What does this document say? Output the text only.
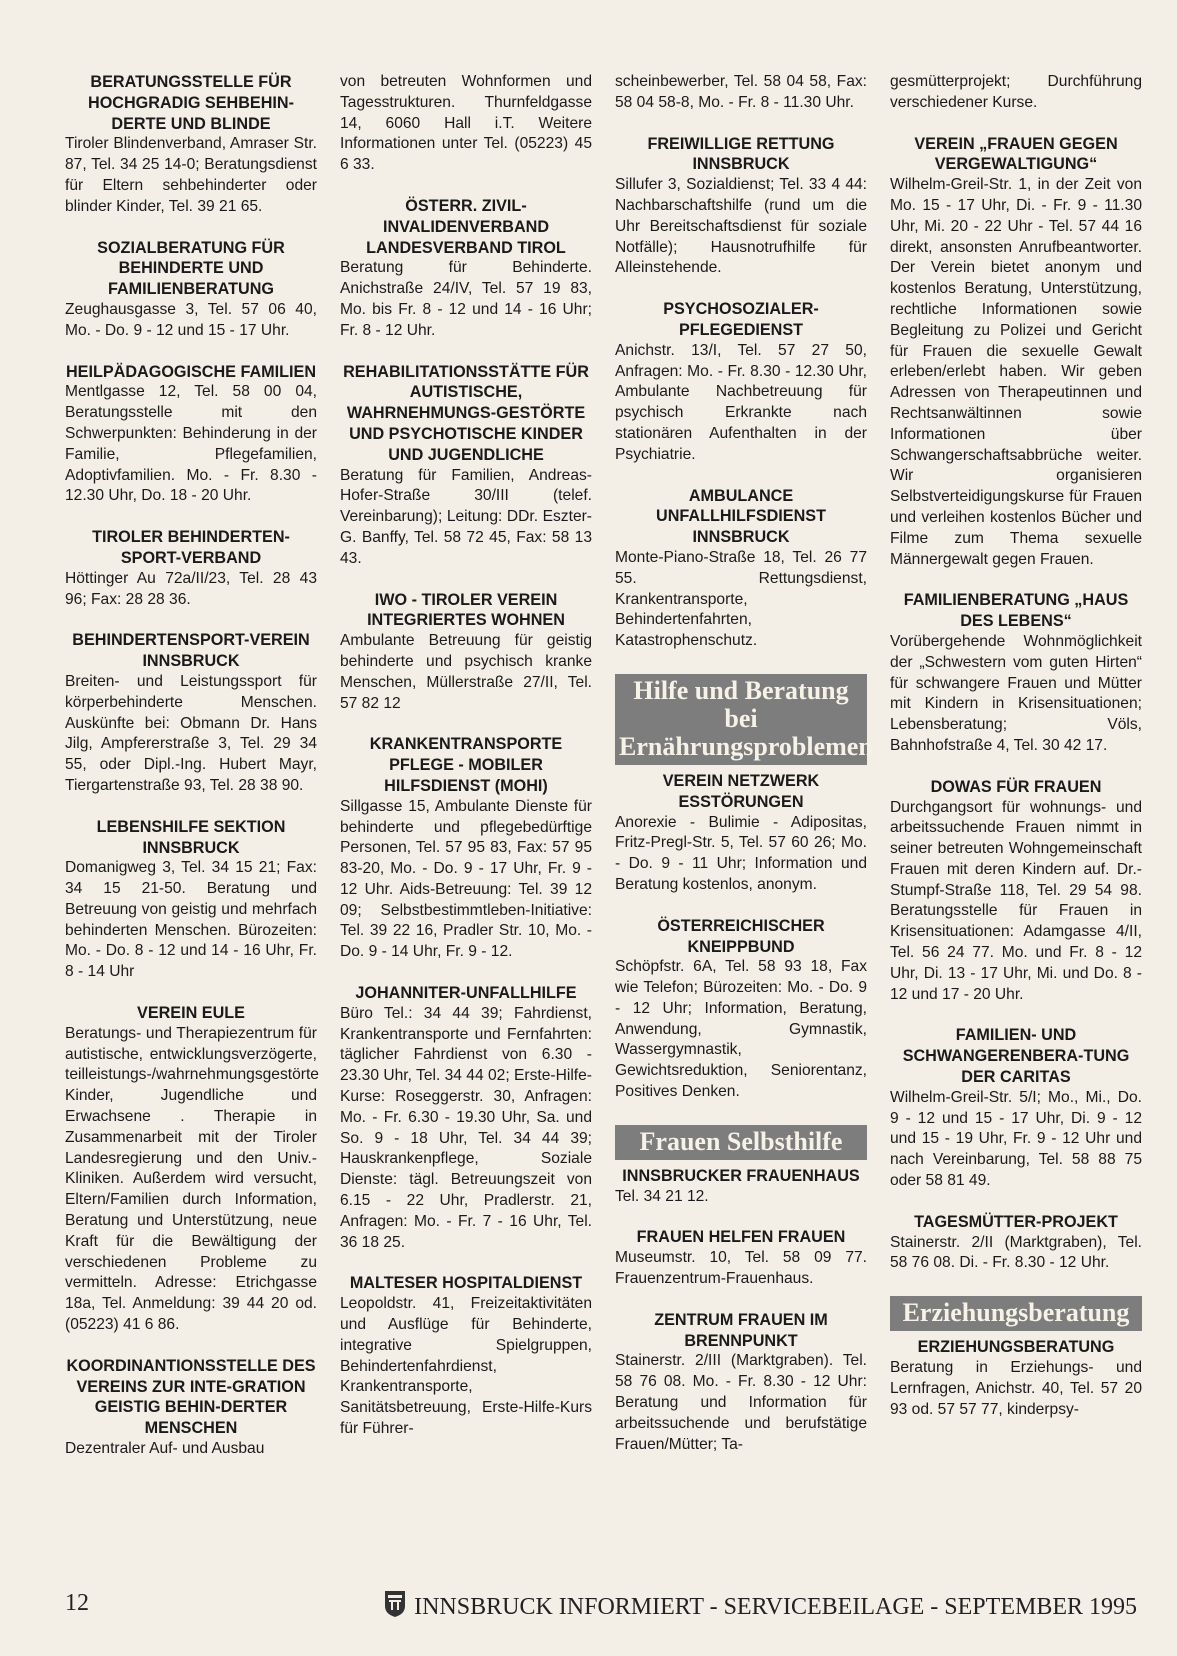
BERATUNGSSTELLE FÜR HOCHGRADIG SEHBEHIN-DERTE UND BLINDE

Tiroler Blindenverband, Amraser Str. 87, Tel. 34 25 14-0; Beratungsdienst für Eltern sehbehinderter oder blinder Kinder, Tel. 39 21 65.

SOZIALBERATUNG FÜR BEHINDERTE UND FAMILIENBERATUNG

Zeughausgasse 3, Tel. 57 06 40, Mo. - Do. 9 - 12 und 15 - 17 Uhr.

HEILPÄDAGOGISCHE FAMILIEN

Mentlgasse 12, Tel. 58 00 04, Beratungsstelle mit den Schwerpunkten: Behinderung in der Familie, Pflegefamilien, Adoptivfamilien. Mo. - Fr. 8.30 - 12.30 Uhr, Do. 18 - 20 Uhr.

TIROLER BEHINDERTEN-SPORT-VERBAND

Höttinger Au 72a/II/23, Tel. 28 43 96; Fax: 28 28 36.

BEHINDERTENSPORT-VEREIN INNSBRUCK

Breiten- und Leistungssport für körperbehinderte Menschen. Auskünfte bei: Obmann Dr. Hans Jilg, Ampfererstraße 3, Tel. 29 34 55, oder Dipl.-Ing. Hubert Mayr, Tiergartenstraße 93, Tel. 28 38 90.

LEBENSHILFE SEKTION INNSBRUCK

Domanigweg 3, Tel. 34 15 21; Fax: 34 15 21-50. Beratung und Betreuung von geistig und mehrfach behinderten Menschen. Bürozeiten: Mo. - Do. 8 - 12 und 14 - 16 Uhr, Fr. 8 - 14 Uhr

VEREIN EULE

Beratungs- und Therapiezentrum für autistische, entwicklungsverzögerte, teilleistungs-/wahrnehmungsgestörte Kinder, Jugendliche und Erwachsene . Therapie in Zusammenarbeit mit der Tiroler Landesregierung und den Univ.-Kliniken. Außerdem wird versucht, Eltern/Familien durch Information, Beratung und Unterstützung, neue Kraft für die Bewältigung der verschiedenen Probleme zu vermitteln. Adresse: Etrichgasse 18a, Tel. Anmeldung: 39 44 20 od. (05223) 41 6 86.

KOORDINANTIONSSTELLE DES VEREINS ZUR INTE-GRATION GEISTIG BEHIN-DERTER MENSCHEN

Dezentraler Auf- und Ausbau

von betreuten Wohnformen und Tagesstrukturen. Thurnfeldgasse 14, 6060 Hall i.T. Weitere Informationen unter Tel. (05223) 45 6 33.

ÖSTERR. ZIVIL-INVALIDENVERBAND LANDESVERBAND TIROL

Beratung für Behinderte. Anichstraße 24/IV, Tel. 57 19 83, Mo. bis Fr. 8 - 12 und 14 - 16 Uhr; Fr. 8 - 12 Uhr.

REHABILITATIONSSTÄTTE FÜR AUTISTISCHE, WAHRNEHMUNGS-GESTÖRTE UND PSYCHOTISCHE KINDER UND JUGENDLICHE

Beratung für Familien, Andreas-Hofer-Straße 30/III (telef. Vereinbarung); Leitung: DDr. Eszter-G. Banffy, Tel. 58 72 45, Fax: 58 13 43.

IWO - TIROLER VEREIN INTEGRIERTES WOHNEN

Ambulante Betreuung für geistig behinderte und psychisch kranke Menschen, Müllerstraße 27/II, Tel. 57 82 12

KRANKENTRANSPORTE PFLEGE - MOBILER HILFSDIENST (MOHI)

Sillgasse 15, Ambulante Dienste für behinderte und pflegebedürftige Personen, Tel. 57 95 83, Fax: 57 95 83-20, Mo. - Do. 9 - 17 Uhr, Fr. 9 - 12 Uhr. Aids-Betreuung: Tel. 39 12 09; Selbstbestimmtleben-Initiative: Tel. 39 22 16, Pradler Str. 10, Mo. - Do. 9 - 14 Uhr, Fr. 9 - 12.

JOHANNITER-UNFALLHILFE

Büro Tel.: 34 44 39; Fahrdienst, Krankentransporte und Fernfahrten: täglicher Fahrdienst von 6.30 - 23.30 Uhr, Tel. 34 44 02; Erste-Hilfe-Kurse: Roseggerstr. 30, Anfragen: Mo. - Fr. 6.30 - 19.30 Uhr, Sa. und So. 9 - 18 Uhr, Tel. 34 44 39; Hauskrankenpflege, Soziale Dienste: tägl. Betreuungszeit von 6.15 - 22 Uhr, Pradlerstr. 21, Anfragen: Mo. - Fr. 7 - 16 Uhr, Tel. 36 18 25.

MALTESER HOSPITALDIENST

Leopoldstr. 41, Freizeitaktivitäten und Ausflüge für Behinderte, integrative Spielgruppen, Behindertenfahrdienst, Krankentransporte, Sanitätsbetreuung, Erste-Hilfe-Kurs für Führer-

scheinbewerber, Tel. 58 04 58, Fax: 58 04 58-8, Mo. - Fr. 8 - 11.30 Uhr.

FREIWILLIGE RETTUNG INNSBRUCK

Sillufer 3, Sozialdienst; Tel. 33 4 44: Nachbarschaftshilfe (rund um die Uhr Bereitschaftsdienst für soziale Notfälle); Hausnotrufhilfe für Alleinstehende.

PSYCHOSOZIALER-PFLEGEDIENST

Anichstr. 13/I, Tel. 57 27 50, Anfragen: Mo. - Fr. 8.30 - 12.30 Uhr, Ambulante Nachbetreuung für psychisch Erkrankte nach stationären Aufenthalten in der Psychiatrie.

AMBULANCE UNFALLHILFSDIENST INNSBRUCK

Monte-Piano-Straße 18, Tel. 26 77 55. Rettungsdienst, Krankentransporte, Behindertenfahrten, Katastrophenschutz.

Hilfe und Beratung bei Ernährungsproblemen
VEREIN NETZWERK ESSTÖRUNGEN

Anorexie - Bulimie - Adipositas, Fritz-Pregl-Str. 5, Tel. 57 60 26; Mo. - Do. 9 - 11 Uhr; Information und Beratung kostenlos, anonym.

ÖSTERREICHISCHER KNEIPPBUND

Schöpfstr. 6A, Tel. 58 93 18, Fax wie Telefon; Bürozeiten: Mo. - Do. 9 - 12 Uhr; Information, Beratung, Anwendung, Gymnastik, Wassergymnastik, Gewichtsreduktion, Seniorentanz, Positives Denken.

Frauen Selbsthilfe
INNSBRUCKER FRAUENHAUS

Tel. 34 21 12.

FRAUEN HELFEN FRAUEN

Museumstr. 10, Tel. 58 09 77. Frauenzentrum-Frauenhaus.

ZENTRUM FRAUEN IM BRENNPUNKT

Stainerstr. 2/III (Marktgraben). Tel. 58 76 08. Mo. - Fr. 8.30 - 12 Uhr: Beratung und Information für arbeitssuchende und berufstätige Frauen/Mütter; Ta-

gesmütterprojekt; Durchführung verschiedener Kurse.

VEREIN „FRAUEN GEGEN VERGEWALTIGUNG“

Wilhelm-Greil-Str. 1, in der Zeit von Mo. 15 - 17 Uhr, Di. - Fr. 9 - 11.30 Uhr, Mi. 20 - 22 Uhr - Tel. 57 44 16 direkt, ansonsten Anrufbeantworter. Der Verein bietet anonym und kostenlos Beratung, Unterstützung, rechtliche Informationen sowie Begleitung zu Polizei und Gericht für Frauen die sexuelle Gewalt erleben/erlebt haben. Wir geben Adressen von Therapeutinnen und Rechtsanwältinnen sowie Informationen über Schwangerschaftsabbrüche weiter. Wir organisieren Selbstverteidigungskurse für Frauen und verleihen kostenlos Bücher und Filme zum Thema sexuelle Männergewalt gegen Frauen.

FAMILIENBERATUNG „HAUS DES LEBENS“

Vorübergehende Wohnmöglichkeit der „Schwestern vom guten Hirten“ für schwangere Frauen und Mütter mit Kindern in Krisensituationen; Lebensberatung; Völs, Bahnhofstraße 4, Tel. 30 42 17.

DOWAS FÜR FRAUEN

Durchgangsort für wohnungs- und arbeitssuchende Frauen nimmt in seiner betreuten Wohngemeinschaft Frauen mit deren Kindern auf. Dr.-Stumpf-Straße 118, Tel. 29 54 98. Beratungsstelle für Frauen in Krisensituationen: Adamgasse 4/II, Tel. 56 24 77. Mo. und Fr. 8 - 12 Uhr, Di. 13 - 17 Uhr, Mi. und Do. 8 - 12 und 17 - 20 Uhr.

FAMILIEN- UND SCHWANGERENBERA-TUNG DER CARITAS

Wilhelm-Greil-Str. 5/I; Mo., Mi., Do. 9 - 12 und 15 - 17 Uhr, Di. 9 - 12 und 15 - 19 Uhr, Fr. 9 - 12 Uhr und nach Vereinbarung, Tel. 58 88 75 oder 58 81 49.

TAGESMÜTTER-PROJEKT

Stainerstr. 2/II (Marktgraben), Tel. 58 76 08. Di. - Fr. 8.30 - 12 Uhr.

Erziehungsberatung
ERZIEHUNGSBERATUNG

Beratung in Erziehungs- und Lernfragen, Anichstr. 40, Tel. 57 20 93 od. 57 57 77, kinderpsy-

12	INNSBRUCK INFORMIERT - SERVICEBEILAGE - SEPTEMBER 1995
